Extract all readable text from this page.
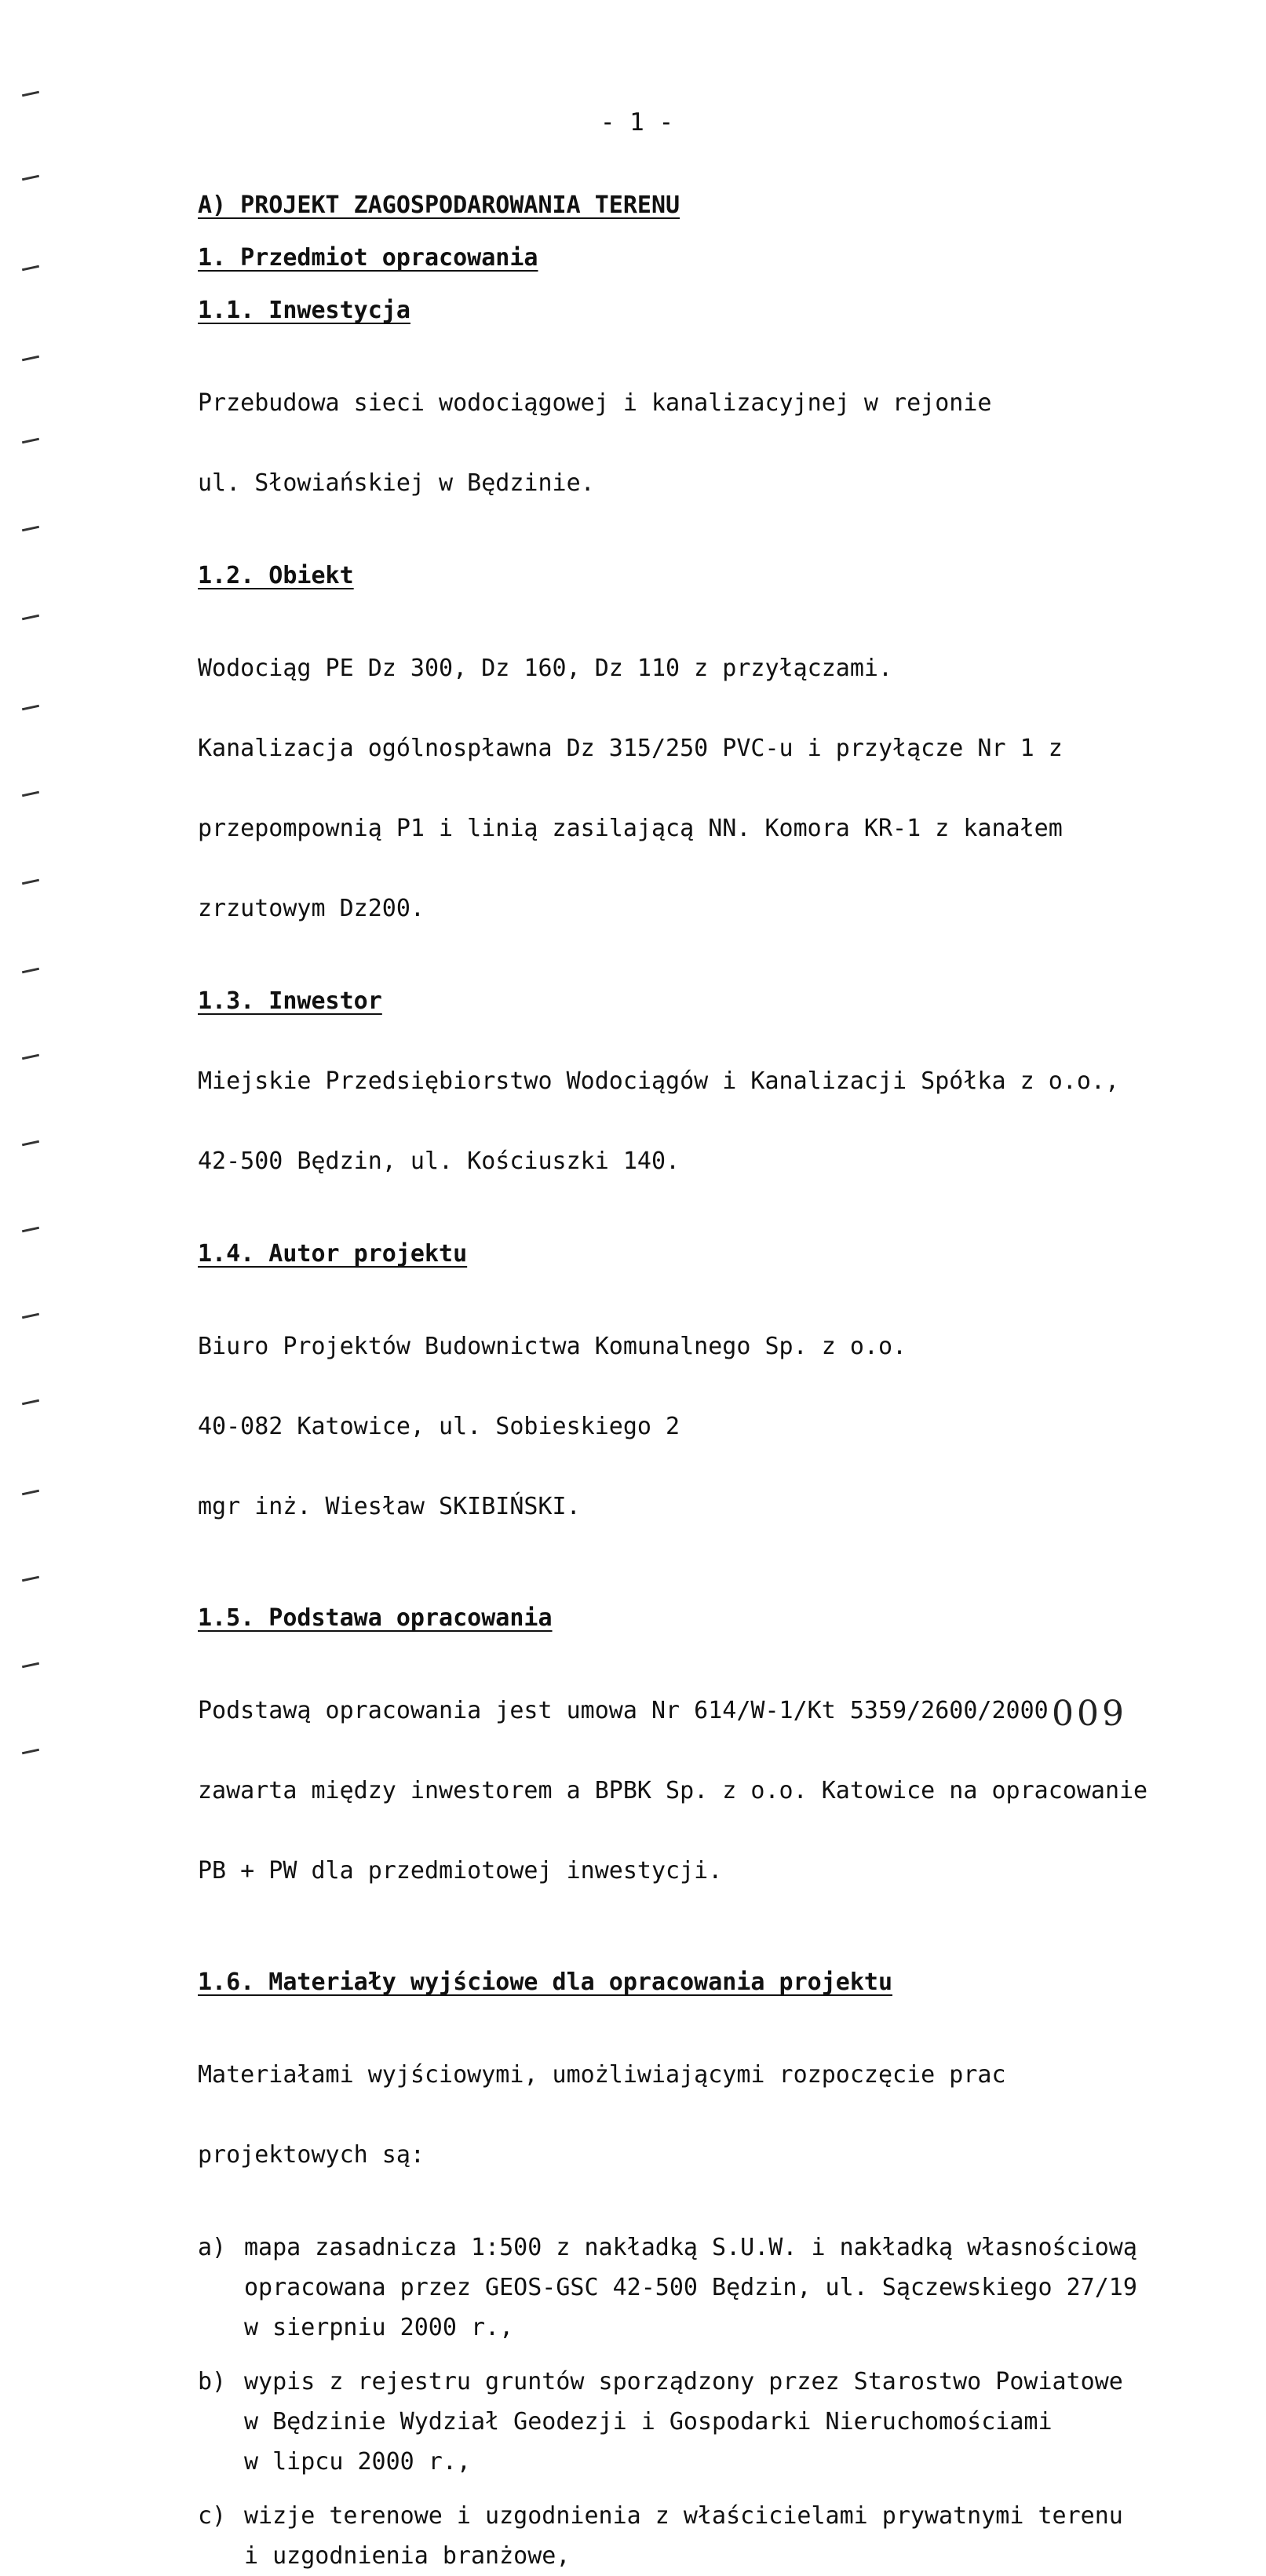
- 1 -

A) PROJEKT ZAGOSPODAROWANIA TERENU

1. Przedmiot opracowania

1.1. Inwestycja

Przebudowa sieci wodociągowej i kanalizacyjnej w rejonie

ul. Słowiańskiej w Będzinie.

1.2. Obiekt

Wodociąg PE Dz 300, Dz 160, Dz 110 z przyłączami.

Kanalizacja ogólnospławna Dz 315/250 PVC-u i przyłącze Nr 1 z

przepompownią P1 i linią zasilającą NN. Komora KR-1 z kanałem

zrzutowym Dz200.

1.3. Inwestor

Miejskie Przedsiębiorstwo Wodociągów i Kanalizacji Spółka z o.o.,

42-500 Będzin, ul. Kościuszki 140.

1.4. Autor projektu

Biuro Projektów Budownictwa Komunalnego Sp. z o.o.

40-082 Katowice, ul. Sobieskiego 2

mgr inż. Wiesław SKIBIŃSKI.

1.5. Podstawa opracowania

Podstawą opracowania jest umowa Nr 614/W-1/Kt 5359/2600/2000

zawarta między inwestorem a BPBK Sp. z o.o. Katowice na opracowanie

PB + PW dla przedmiotowej inwestycji.

1.6. Materiały wyjściowe dla opracowania projektu

Materiałami wyjściowymi, umożliwiającymi rozpoczęcie prac

projektowych są:

a) mapa zasadnicza 1:500 z nakładką S.U.W. i nakładką własnościową
opracowana przez GEOS-GSC 42-500 Będzin, ul. Sączewskiego 27/19
w sierpniu 2000 r.,
b) wypis z rejestru gruntów sporządzony przez Starostwo Powiatowe
w Będzinie Wydział Geodezji i Gospodarki Nieruchomościami
w lipcu 2000 r.,
c) wizje terenowe i uzgodnienia z właścicielami prywatnymi terenu
i uzgodnienia branżowe,
009
